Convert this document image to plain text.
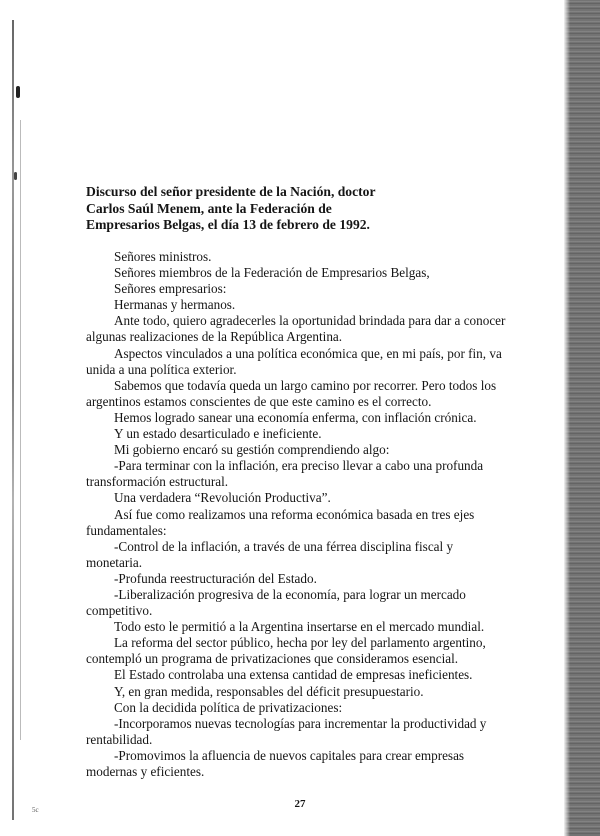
Discurso del señor presidente de la Nación, doctor
Carlos Saúl Menem, ante la Federación de
Empresarios Belgas, el día 13 de febrero de 1992.

Señores ministros.

Señores miembros de la Federación de Empresarios Belgas,

Señores empresarios:

Hermanas y hermanos.

Ante todo, quiero agradecerles la oportunidad brindada para dar a conocer algunas realizaciones de la República Argentina.

Aspectos vinculados a una política económica que, en mi país, por fin, va unida a una política exterior.

Sabemos que todavía queda un largo camino por recorrer. Pero todos los argentinos estamos conscientes de que este camino es el correcto.

Hemos logrado sanear una economía enferma, con inflación crónica.

Y un estado desarticulado e ineficiente.

Mi gobierno encaró su gestión comprendiendo algo:

-Para terminar con la inflación, era preciso llevar a cabo una profunda transformación estructural.

Una verdadera “Revolución Productiva”.

Así fue como realizamos una reforma económica basada en tres ejes fundamentales:

-Control de la inflación, a través de una férrea disciplina fiscal y monetaria.

-Profunda reestructuración del Estado.

-Liberalización progresiva de la economía, para lograr un mercado competitivo.

Todo esto le permitió a la Argentina insertarse en el mercado mundial.

La reforma del sector público, hecha por ley del parlamento argentino, contempló un programa de privatizaciones que consideramos esencial.

El Estado controlaba una extensa cantidad de empresas ineficientes.

Y, en gran medida, responsables del déficit presupuestario.

Con la decidida política de privatizaciones:

-Incorporamos nuevas tecnologías para incrementar la productividad y rentabilidad.

-Promovimos la afluencia de nuevos capitales para crear empresas modernas y eficientes.

27
5c
